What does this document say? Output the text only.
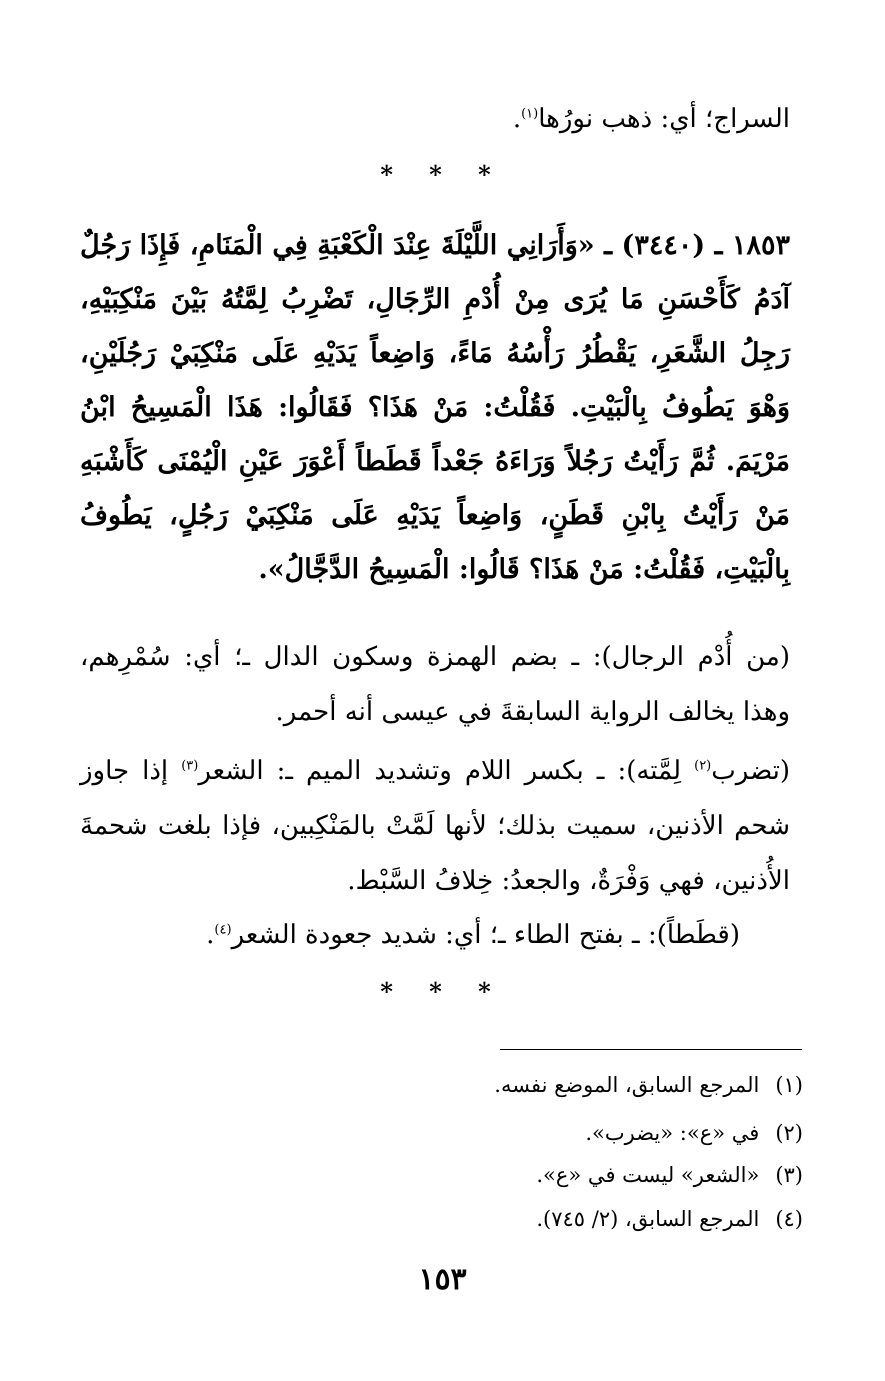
السراج؛ أي: ذهب نورُها$^{(١)}$.
* * *
١٨٥٣ ـ (٣٤٤٠) ـ «وَأَرَانِي اللَّيْلَةَ عِنْدَ الْكَعْبَةِ فِي الْمَنَامِ، فَإِذَا رَجُلٌ آدَمُ كَأَحْسَنِ مَا يُرَى مِنْ أُدْمِ الرِّجَالِ، تَضْرِبُ لِمَّتُهُ بَيْنَ مَنْكِبَيْهِ، رَجِلُ الشَّعَرِ، يَقْطُرُ رَأْسُهُ مَاءً، وَاضِعاً يَدَيْهِ عَلَى مَنْكِبَيْ رَجُلَيْنِ، وَهْوَ يَطُوفُ بِالْبَيْتِ. فَقُلْتُ: مَنْ هَذَا؟ فَقَالُوا: هَذَا الْمَسِيحُ ابْنُ مَرْيَمَ. ثُمَّ رَأَيْتُ رَجُلاً وَرَاءَهُ جَعْداً قَطَطاً أَعْوَرَ عَيْنِ الْيُمْنَى كَأَشْبَهِ مَنْ رَأَيْتُ بِابْنِ قَطَنٍ، وَاضِعاً يَدَيْهِ عَلَى مَنْكِبَيْ رَجُلٍ، يَطُوفُ بِالْبَيْتِ، فَقُلْتُ: مَنْ هَذَا؟ قَالُوا: الْمَسِيحُ الدَّجَّالُ».
(من أُدْم الرجال): ـ بضم الهمزة وسكون الدال ـ؛ أي: سُمْرِهم، وهذا يخالف الرواية السابقةَ في عيسى أنه أحمر.
(تضرب$^{(٢)}$ لِمَّته): ـ بكسر اللام وتشديد الميم ـ: الشعر$^{(٣)}$ إذا جاوز شحم الأذنين، سميت بذلك؛ لأنها لَمَّتْ بالمَنْكِبين، فإذا بلغت شحمةَ الأُذنين، فهي وَفْرَةٌ، والجعدُ: خِلافُ السَّبْط.
(قطَطاً): ـ بفتح الطاء ـ؛ أي: شديد جعودة الشعر$^{(٤)}$.
* * *
(١)المرجع السابق، الموضع نفسه.
(٢)في «ع»: «يضرب».
(٣)«الشعر» ليست في «ع».
(٤)المرجع السابق، (٢/ ٧٤٥).
١٥٣
